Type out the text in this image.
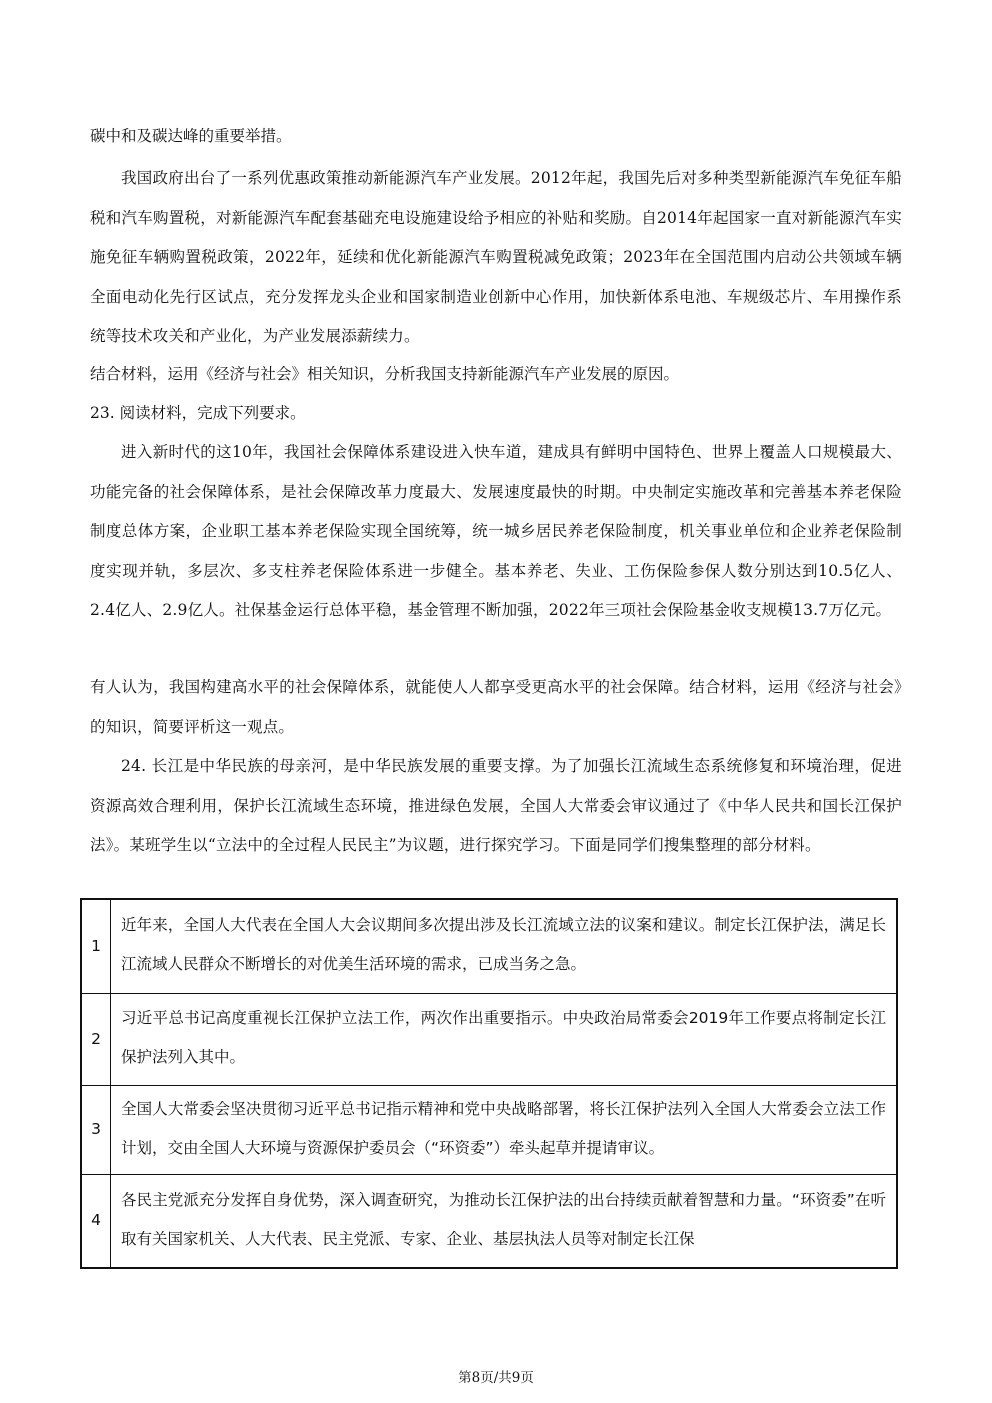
碳中和及碳达峰的重要举措。

我国政府出台了一系列优惠政策推动新能源汽车产业发展。2012年起，我国先后对多种类型新能源汽车免征车船税和汽车购置税，对新能源汽车配套基础充电设施建设给予相应的补贴和奖励。自2014年起国家一直对新能源汽车实施免征车辆购置税政策，2022年，延续和优化新能源汽车购置税减免政策；2023年在全国范围内启动公共领域车辆全面电动化先行区试点，充分发挥龙头企业和国家制造业创新中心作用，加快新体系电池、车规级芯片、车用操作系统等技术攻关和产业化，为产业发展添薪续力。

结合材料，运用《经济与社会》相关知识，分析我国支持新能源汽车产业发展的原因。

23. 阅读材料，完成下列要求。

进入新时代的这10年，我国社会保障体系建设进入快车道，建成具有鲜明中国特色、世界上覆盖人口规模最大、功能完备的社会保障体系，是社会保障改革力度最大、发展速度最快的时期。中央制定实施改革和完善基本养老保险制度总体方案，企业职工基本养老保险实现全国统筹，统一城乡居民养老保险制度，机关事业单位和企业养老保险制度实现并轨，多层次、多支柱养老保险体系进一步健全。基本养老、失业、工伤保险参保人数分别达到10.5亿人、2.4亿人、2.9亿人。社保基金运行总体平稳，基金管理不断加强，2022年三项社会保险基金收支规模13.7万亿元。

有人认为，我国构建高水平的社会保障体系，就能使人人都享受更高水平的社会保障。结合材料，运用《经济与社会》的知识，简要评析这一观点。

24. 长江是中华民族的母亲河，是中华民族发展的重要支撑。为了加强长江流域生态系统修复和环境治理，促进资源高效合理利用，保护长江流域生态环境，推进绿色发展，全国人大常委会审议通过了《中华人民共和国长江保护法》。某班学生以“立法中的全过程人民民主”为议题，进行探究学习。下面是同学们搜集整理的部分材料。

1	近年来，全国人大代表在全国人大会议期间多次提出涉及长江流域立法的议案和建议。制定长江保护法，满足长江流域人民群众不断增长的对优美生活环境的需求，已成当务之急。
2	习近平总书记高度重视长江保护立法工作，两次作出重要指示。中央政治局常委会2019年工作要点将制定长江保护法列入其中。
3	全国人大常委会坚决贯彻习近平总书记指示精神和党中央战略部署，将长江保护法列入全国人大常委会立法工作计划，交由全国人大环境与资源保护委员会（“环资委”）牵头起草并提请审议。
4	各民主党派充分发挥自身优势，深入调查研究，为推动长江保护法的出台持续贡献着智慧和力量。“环资委”在听取有关国家机关、人大代表、民主党派、专家、企业、基层执法人员等对制定长江保
第8页/共9页
